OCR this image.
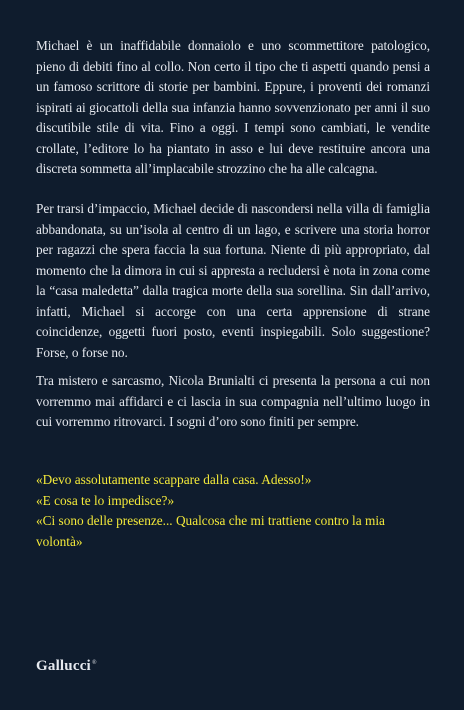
Michael è un inaffidabile donnaiolo e uno scommettitore patologico, pieno di debiti fino al collo. Non certo il tipo che ti aspetti quando pensi a un famoso scrittore di storie per bambini. Eppure, i proventi dei romanzi ispirati ai giocattoli della sua infanzia hanno sovvenzionato per anni il suo discutibile stile di vita. Fino a oggi. I tempi sono cambiati, le vendite crollate, l’editore lo ha piantato in asso e lui deve restituire ancora una discreta sommetta all’implacabile strozzino che ha alle calcagna.

Per trarsi d’impaccio, Michael decide di nascondersi nella villa di famiglia abbandonata, su un’isola al centro di un lago, e scrivere una storia horror per ragazzi che spera faccia la sua fortuna. Niente di più appropriato, dal momento che la dimora in cui si appresta a recludersi è nota in zona come la “casa maledetta” dalla tragica morte della sua sorellina. Sin dall’arrivo, infatti, Michael si accorge con una certa apprensione di strane coincidenze, oggetti fuori posto, eventi inspiegabili. Solo suggestione? Forse, o forse no.

Tra mistero e sarcasmo, Nicola Brunialti ci presenta la persona a cui non vorremmo mai affidarci e ci lascia in sua compagnia nell’ultimo luogo in cui vorremmo ritrovarci. I sogni d’oro sono finiti per sempre.

«Devo assolutamente scappare dalla casa. Adesso!»

«E cosa te lo impedisce?»

«Ci sono delle presenze... Qualcosa che mi trattiene contro la mia volontà»

Gallucci®
